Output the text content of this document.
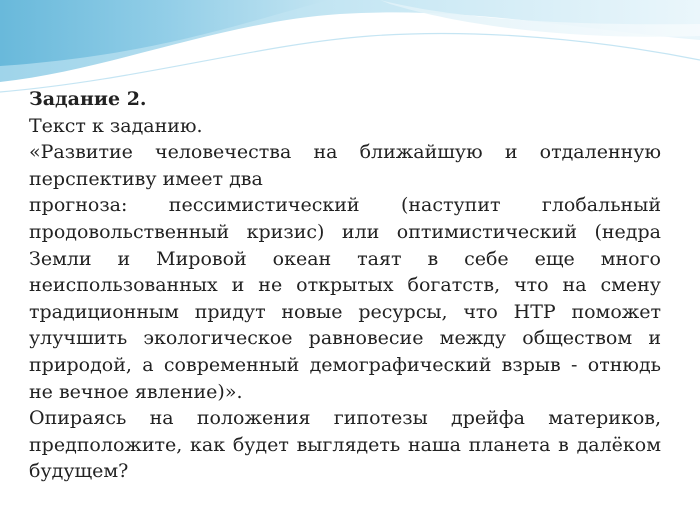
Задание 2.

Текст к заданию.

«Развитие человечества на ближайшую и отдаленную перспективу имеет два

прогноза: пессимистический (наступит глобальный продовольственный кризис) или оптимистический (недра Земли и Мировой океан таят в себе еще много неиспользованных и не открытых богатств, что на смену традиционным придут новые ресурсы, что НТР поможет улучшить экологическое равновесие между обществом и природой, а современный демографический взрыв - отнюдь не вечное явление)».

Опираясь на положения гипотезы дрейфа материков, предположите, как будет выглядеть наша планета в далёком будущем?
